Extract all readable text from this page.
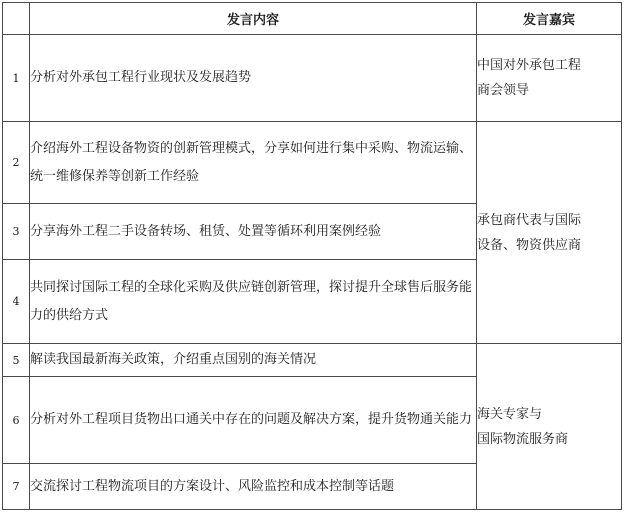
	发言内容	发言嘉宾
1	分析对外承包工程行业现状及发展趋势	中国对外承包工程
商会领导

2	介绍海外工程设备物资的创新管理模式，分享如何进行集中采购、物流运输、统一维修保养等创新工作经验	承包商代表与国际
设备、物资供应商

3	分享海外工程二手设备转场、租赁、处置等循环利用案例经验	
4	共同探讨国际工程的全球化采购及供应链创新管理，探讨提升全球售后服务能力的供给方式	
5	解读我国最新海关政策，介绍重点国别的海关情况	海关专家与
国际物流服务商

6	分析对外工程项目货物出口通关中存在的问题及解决方案，提升货物通关能力	
7	交流探讨工程物流项目的方案设计、风险监控和成本控制等话题	
